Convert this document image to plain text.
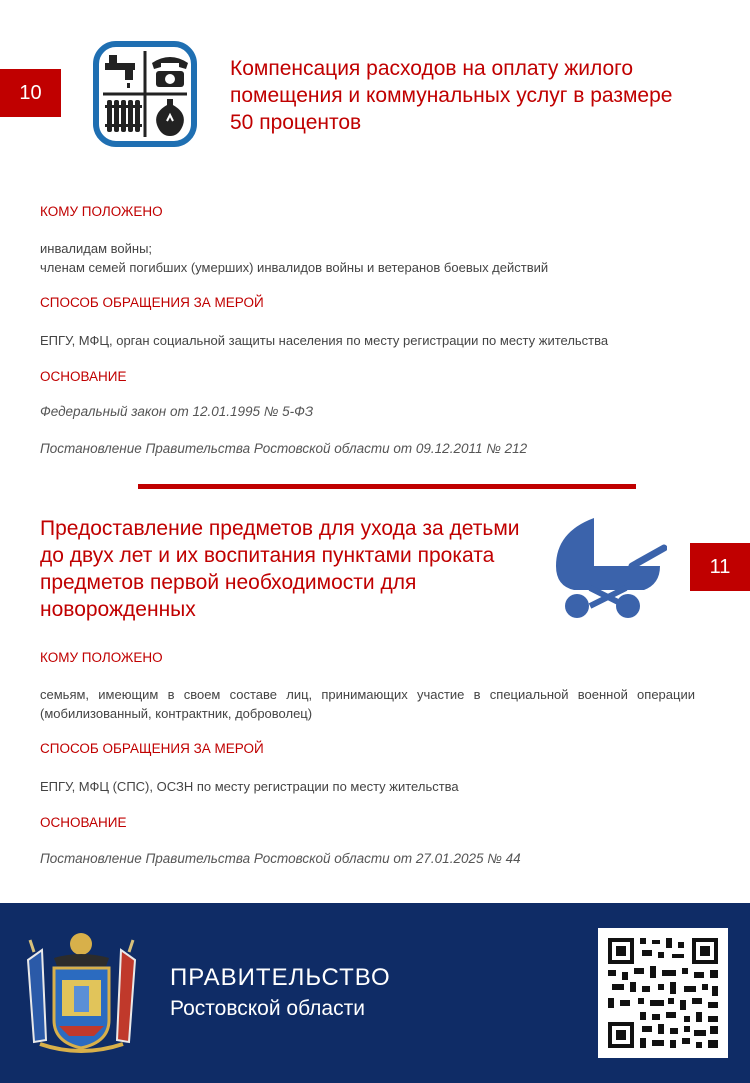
10
Компенсация расходов на оплату жилого
помещения и коммунальных услуг в размере
50 процентов
КОМУ ПОЛОЖЕНО
инвалидам войны;
членам семей погибших (умерших) инвалидов войны и ветеранов боевых действий
СПОСОБ ОБРАЩЕНИЯ ЗА МЕРОЙ
ЕПГУ, МФЦ, орган социальной защиты населения по месту регистрации по месту жительства
ОСНОВАНИЕ
Федеральный закон от 12.01.1995 № 5-ФЗ
Постановление Правительства Ростовской области от 09.12.2011 № 212
Предоставление предметов для ухода за детьми
до двух лет и их воспитания пунктами проката
предметов первой необходимости для
новорожденных
11
КОМУ ПОЛОЖЕНО
семьям, имеющим в своем составе лиц, принимающих участие в специальной военной операции (мобилизованный, контрактник, доброволец)
СПОСОБ ОБРАЩЕНИЯ ЗА МЕРОЙ
ЕПГУ, МФЦ (СПС), ОСЗН по месту регистрации по месту жительства
ОСНОВАНИЕ
Постановление Правительства Ростовской области от 27.01.2025 № 44
ПРАВИТЕЛЬСТВО
Ростовской области
